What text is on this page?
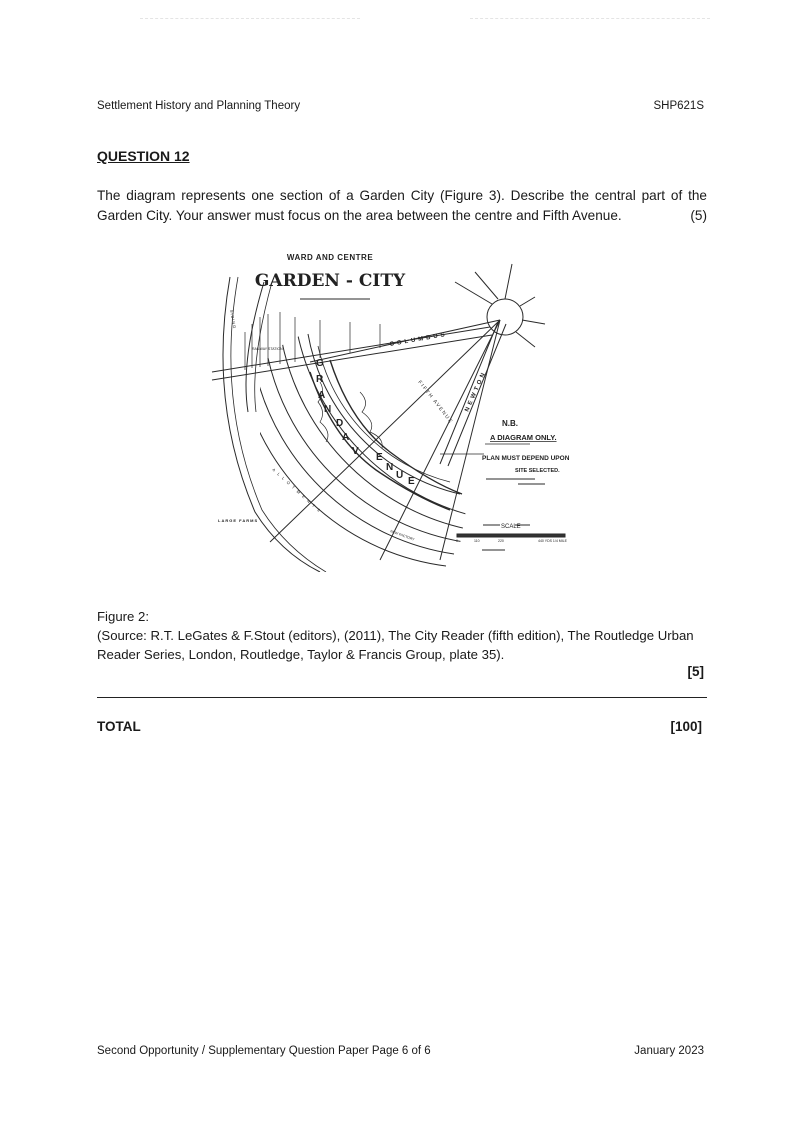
Settlement History and Planning Theory	SHP621S
QUESTION 12
The diagram represents one section of a Garden City (Figure 3). Describe the central part of the Garden City. Your answer must focus on the area between the centre and Fifth Avenue.	(5)
WARD AND CENTRE
GARDEN - CITY
G
R
A
N
D
A
V
E
N
U
E
COLUMBUS
NEWTON
FIFTH AVENUE	N.B.
A DIAGRAM ONLY.
PLAN MUST DEPEND UPON
SITE SELECTED.
SCALE
0	110	220	440 YDS 1/4 MILE
LARGE FARMS
ALLOTMENTS
SIDING
RAILWAY STATION
NEW FACTORY
Figure 2:
(Source: R.T. LeGates & F.Stout (editors), (2011), The City Reader (fifth edition), The Routledge Urban Reader Series, London, Routledge, Taylor & Francis Group, plate 35).
[5]
TOTAL	[100]
Second Opportunity / Supplementary Question Paper Page 6 of 6	January 2023
